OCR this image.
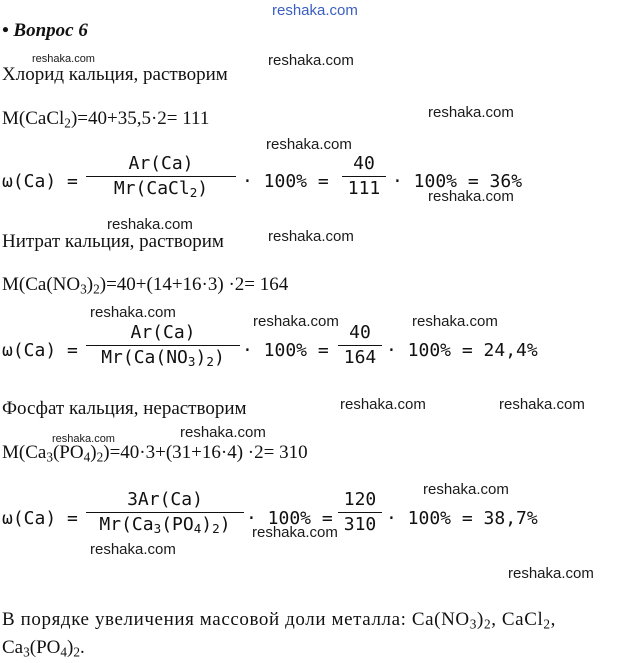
reshaka.com
• Вопрос 6
Хлорид кальция, растворим
M(CaCl$_2$)=40+35,5·2= 111
ω(Ca) =
Ar(Ca)
Mr(CaCl$_2$)	· 100% =
40
111 · 100% = 36%
Нитрат кальция, растворим
$M(Ca(NO_3)_2)=40+(14+16\cdot 3) \cdot 2= 164$
ω(Ca) =
Ar(Ca)
$Mr(Ca(NO_3)_2) \cdot 100\%$ =
40
164 · 100% = 24,4%
Фосфат кальция, нерастворим
$M(Ca_3(PO_4)_2)=40\cdot 3+(31+16\cdot 4) \cdot 2= 310$
ω(Ca) =
3Ar(Ca)
$Mr(Ca_3(PO_4)_2) \cdot 100\%$ =
120
310 · 100% = 38,7%
В порядке увеличения массовой доли металла: $Ca(NO_3)_2$, CaCl$_2$,
$Ca_3(PO_4)_2$.
reshaka.com	reshaka.com
reshaka.com
reshaka.com
reshaka.com
reshaka.com
reshaka.com
reshaka.com
reshaka.com	reshaka.com
reshaka.com	reshaka.com
reshaka.com
reshaka.com
reshaka.com
reshaka.com
reshaka.com
reshaka.com
